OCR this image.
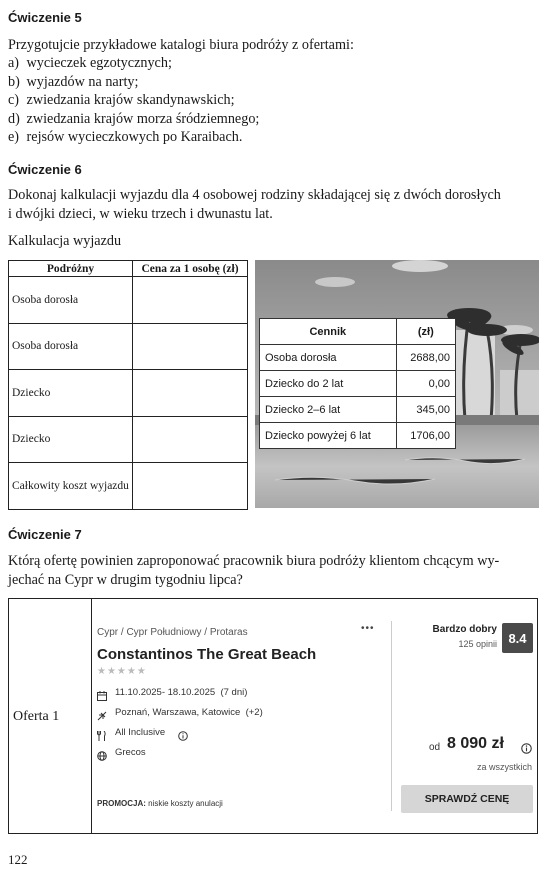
Ćwiczenie 5
Przygotujcie przykładowe katalogi biura podróży z ofertami:
a) wycieczek egzotycznych;
b) wyjazdów na narty;
c) zwiedzania krajów skandynawskich;
d) zwiedzania krajów morza śródziemnego;
e) rejsów wycieczkowych po Karaibach.
Ćwiczenie 6
Dokonaj kalkulacji wyjazdu dla 4 osobowej rodziny składającej się z dwóch dorosłych
i dwójki dzieci, w wieku trzech i dwunastu lat.
Kalkulacja wyjazdu
Podróżny	Cena za 1 osobę (zł)
Osoba dorosła	
Osoba dorosła	
Dziecko	
Dziecko	
Całkowity koszt wyjazdu	
Cennik	(zł)
Osoba dorosła	2688,00
Dziecko do 2 lat	0,00
Dziecko 2–6 lat	345,00
Dziecko powyżej 6 lat	1706,00
Ćwiczenie 7
Którą ofertę powinien zaproponować pracownik biura podróży klientom chcącym wy-
jechać na Cypr w drugim tygodniu lipca?
Oferta 1
Cypr / Cypr Południowy / Protaras	•••
Constantinos The Great Beach
★★★★★
11.10.2025- 18.10.2025  (7 dni)
Poznań, Warszawa, Katowice  (+2)
All Inclusive
Grecos
PROMOCJA: niskie koszty anulacji
Bardzo dobry
125 opinii 8.4
od 8 090 zł
za wszystkich
SPRAWDŹ CENĘ
122
